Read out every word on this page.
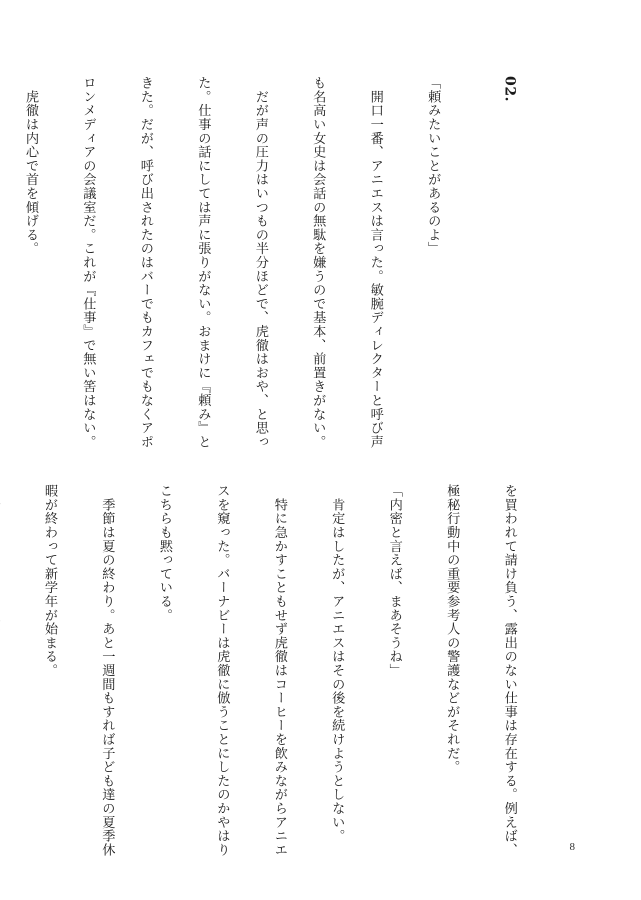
02.

「頼みたいことがあるのよ」

　開口一番、アニエスは言った。敏腕ディレクターと呼び声

も名高い女史は会話の無駄を嫌うので基本、前置きがない。

　だが声の圧力はいつもの半分ほどで、虎徹はおや、と思っ

た。仕事の話にしては声に張りがない。おまけに『頼み』と

きた。だが、呼び出されたのはバーでもカフェでもなくアポ

ロンメディアの会議室だ。これが『仕事』で無い筈はない。

　虎徹は内心で首を傾げる。

を買われて請け負う、露出のない仕事は存在する。例えば、

極秘行動中の重要参考人の警護などがそれだ。

「内密と言えば、まあそうね」

　肯定はしたが、アニエスはその後を続けようとしない。

　特に急かすこともせず虎徹はコーヒーを飲みながらアニエ

スを窺った。バーナビーは虎徹に倣うことにしたのかやはり

こちらも黙っている。

　季節は夏の終わり。あと一週間もすれば子ども達の夏季休

暇が終わって新学年が始まる。

8
